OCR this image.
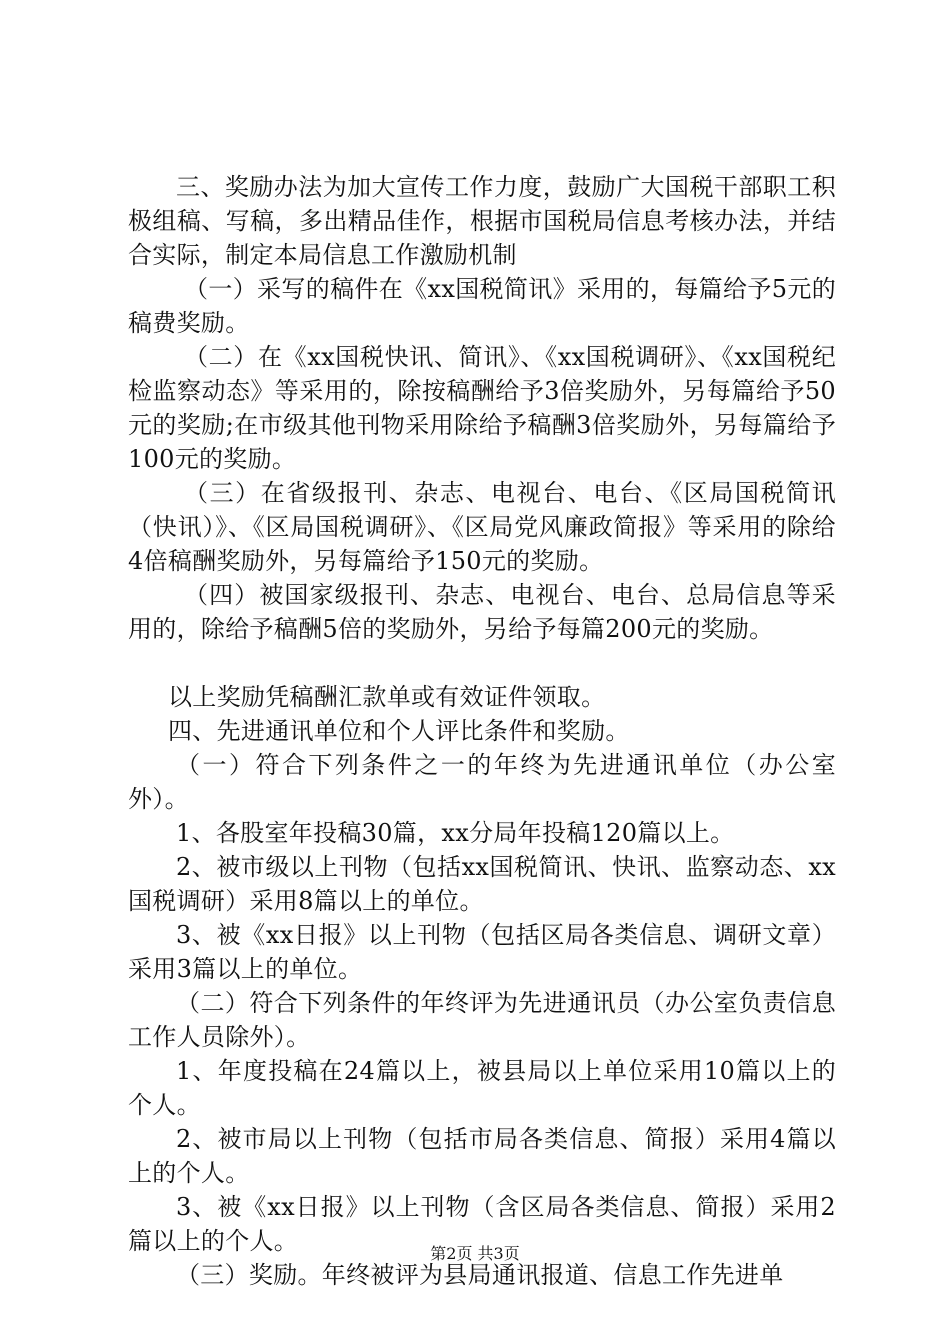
三、奖励办法为加大宣传工作力度，鼓励广大国税干部职工积极组稿、写稿，多出精品佳作，根据市国税局信息考核办法，并结合实际，制定本局信息工作激励机制

（一）采写的稿件在《xx国税简讯》采用的，每篇给予5元的稿费奖励。

（二）在《xx国税快讯、简讯》、《xx国税调研》、《xx国税纪检监察动态》等采用的，除按稿酬给予3倍奖励外，另每篇给予50元的奖励;在市级其他刊物采用除给予稿酬3倍奖励外，另每篇给予100元的奖励。

（三）在省级报刊、杂志、电视台、电台、《区局国税简讯（快讯）》、《区局国税调研》、《区局党风廉政简报》等采用的除给4倍稿酬奖励外，另每篇给予150元的奖励。

（四）被国家级报刊、杂志、电视台、电台、总局信息等采用的，除给予稿酬5倍的奖励外，另给予每篇200元的奖励。

以上奖励凭稿酬汇款单或有效证件领取。

四、先进通讯单位和个人评比条件和奖励。

（一）符合下列条件之一的年终为先进通讯单位（办公室外）。

1、各股室年投稿30篇，xx分局年投稿120篇以上。

2、被市级以上刊物（包括xx国税简讯、快讯、监察动态、xx国税调研）采用8篇以上的单位。

3、被《xx日报》以上刊物（包括区局各类信息、调研文章）采用3篇以上的单位。

（二）符合下列条件的年终评为先进通讯员（办公室负责信息工作人员除外）。

1、年度投稿在24篇以上，被县局以上单位采用10篇以上的个人。

2、被市局以上刊物（包括市局各类信息、简报）采用4篇以上的个人。

3、被《xx日报》以上刊物（含区局各类信息、简报）采用2篇以上的个人。

（三）奖励。年终被评为县局通讯报道、信息工作先进单

第2页 共3页
